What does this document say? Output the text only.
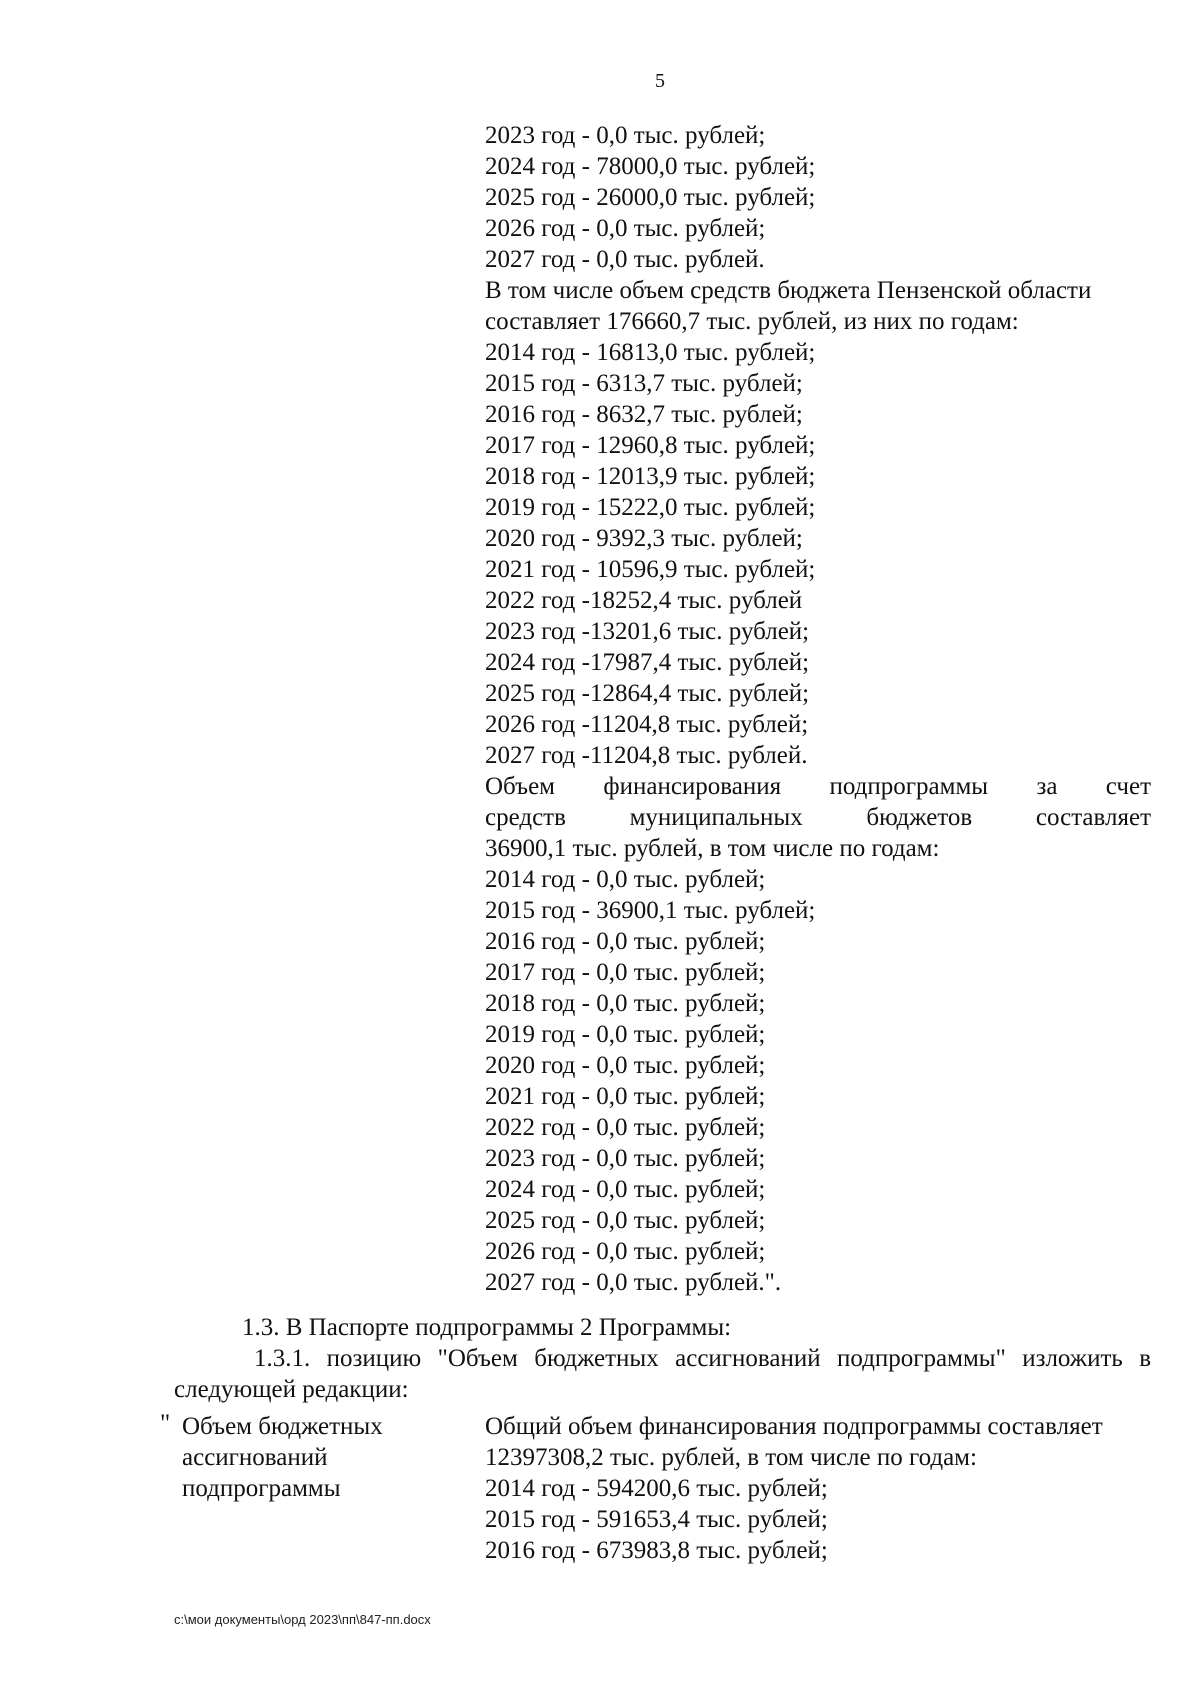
5
2023 год - 0,0 тыс. рублей;
2024 год - 78000,0 тыс. рублей;
2025 год - 26000,0 тыс. рублей;
2026 год - 0,0 тыс. рублей;
2027 год - 0,0 тыс. рублей.
В том числе объем средств бюджета Пензенской области
составляет 176660,7 тыс. рублей, из них по годам:
2014 год - 16813,0 тыс. рублей;
2015 год - 6313,7 тыс. рублей;
2016 год - 8632,7 тыс. рублей;
2017 год - 12960,8 тыс. рублей;
2018 год - 12013,9 тыс. рублей;
2019 год - 15222,0 тыс. рублей;
2020 год - 9392,3 тыс. рублей;
2021 год - 10596,9 тыс. рублей;
2022 год -18252,4 тыс. рублей
2023 год -13201,6 тыс. рублей;
2024 год -17987,4 тыс. рублей;
2025 год -12864,4 тыс. рублей;
2026 год -11204,8 тыс. рублей;
2027 год -11204,8 тыс. рублей.
Объем финансирования подпрограммы за счет
средств муниципальных бюджетов составляет
36900,1 тыс. рублей, в том числе по годам:
2014 год - 0,0 тыс. рублей;
2015 год - 36900,1 тыс. рублей;
2016 год - 0,0 тыс. рублей;
2017 год - 0,0 тыс. рублей;
2018 год - 0,0 тыс. рублей;
2019 год - 0,0 тыс. рублей;
2020 год - 0,0 тыс. рублей;
2021 год - 0,0 тыс. рублей;
2022 год - 0,0 тыс. рублей;
2023 год - 0,0 тыс. рублей;
2024 год - 0,0 тыс. рублей;
2025 год - 0,0 тыс. рублей;
2026 год - 0,0 тыс. рублей;
2027 год - 0,0 тыс. рублей.".
1.3. В Паспорте подпрограммы 2 Программы:
1.3.1. позицию "Объем бюджетных ассигнований подпрограммы" изложить в следующей редакции:
" Объем бюджетных
ассигнований
подпрограммы
Общий объем финансирования подпрограммы составляет
12397308,2 тыс. рублей, в том числе по годам:
2014 год - 594200,6 тыс. рублей;
2015 год - 591653,4 тыс. рублей;
2016 год - 673983,8 тыс. рублей;
c:\мои документы\орд 2023\пп\847-пп.docx
